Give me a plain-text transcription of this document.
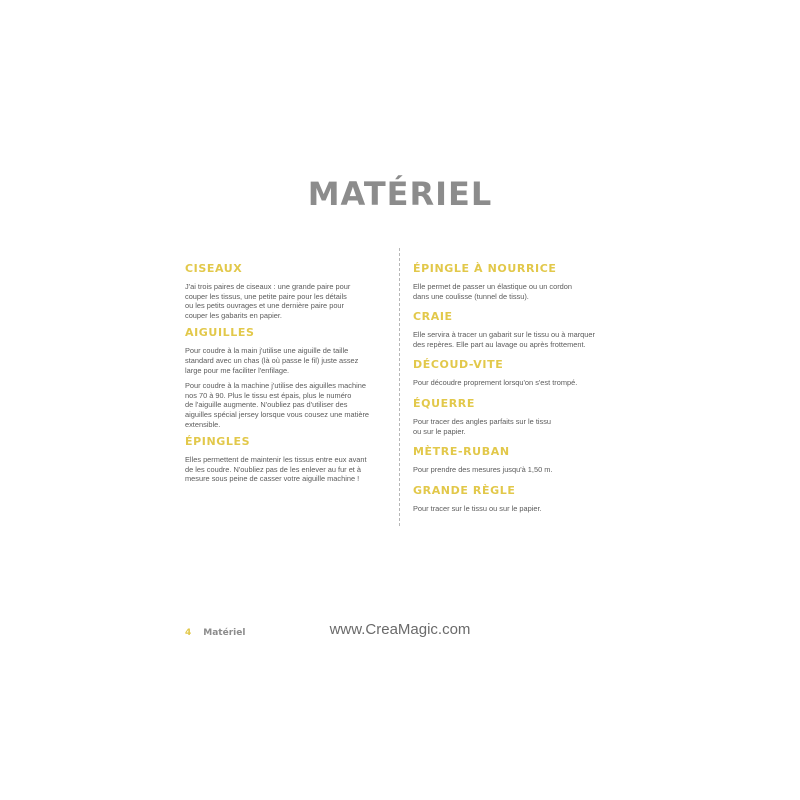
MATÉRIEL
CISEAUX
J'ai trois paires de ciseaux : une grande paire pour
couper les tissus, une petite paire pour les détails
ou les petits ouvrages et une dernière paire pour
couper les gabarits en papier.
AIGUILLES
Pour coudre à la main j'utilise une aiguille de taille
standard avec un chas (là où passe le fil) juste assez
large pour me faciliter l'enfilage.
Pour coudre à la machine j'utilise des aiguilles machine
nos 70 à 90. Plus le tissu est épais, plus le numéro
de l'aiguille augmente. N'oubliez pas d'utiliser des
aiguilles spécial jersey lorsque vous cousez une matière
extensible.
ÉPINGLES
Elles permettent de maintenir les tissus entre eux avant
de les coudre. N'oubliez pas de les enlever au fur et à
mesure sous peine de casser votre aiguille machine !
ÉPINGLE À NOURRICE
Elle permet de passer un élastique ou un cordon
dans une coulisse (tunnel de tissu).
CRAIE
Elle servira à tracer un gabarit sur le tissu ou à marquer
des repères. Elle part au lavage ou après frottement.
DÉCOUD-VITE
Pour découdre proprement lorsqu'on s'est trompé.
ÉQUERRE
Pour tracer des angles parfaits sur le tissu
ou sur le papier.
MÈTRE-RUBAN
Pour prendre des mesures jusqu'à 1,50 m.
GRANDE RÈGLE
Pour tracer sur le tissu ou sur le papier.
4 Matériel	www.CreaMagic.com
